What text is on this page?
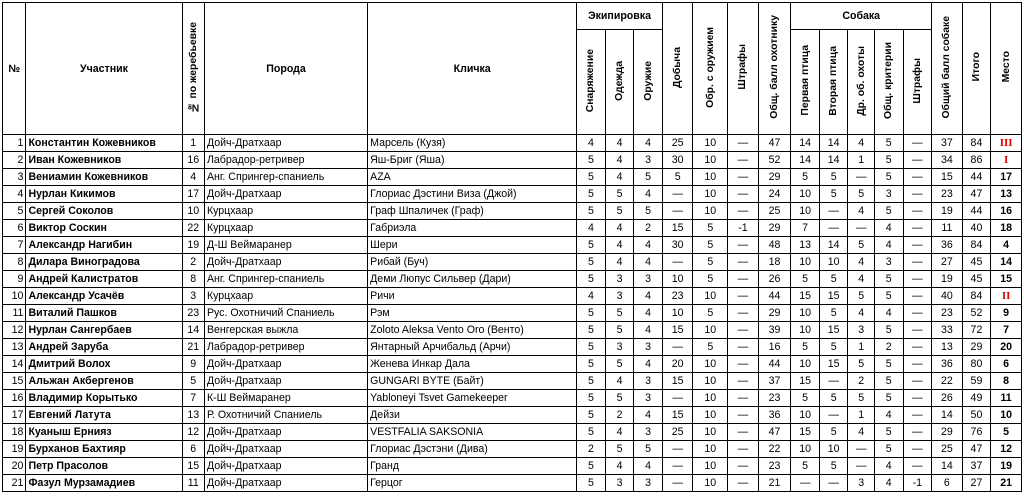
№	Участник	№ по жеребьевке	Порода	Кличка	Экипировка			Добыча	Обр. с оружием	Штрафы	Общ. балл охотнику	Собака					Общий балл собаке	Итого	Место
					Снаряжение	Одежда	Оружие					Первая птица	Вторая птица	Др. об. охоты	Общ. критерии	Штрафы			
1	Константин Кожевников	1	Дойч-Дратхаар	Марсель (Кузя)	4	4	4	25	10	—	47	14	14	4	5	—	37	84	III
2	Иван Кожевников	16	Лабрадор-ретривер	Яш-Бриг (Яша)	5	4	3	30	10	—	52	14	14	1	5	—	34	86	I
3	Вениамин Кожевников	4	Анг. Спрингер-спаниель	AZA	5	4	5	5	10	—	29	5	5	—	5	—	15	44	17
4	Нурлан Кикимов	17	Дойч-Дратхаар	Глориас Дэстини Виза (Джой)	5	5	4	—	10	—	24	10	5	5	3	—	23	47	13
5	Сергей Соколов	10	Курцхаар	Граф Шпаличек (Граф)	5	5	5	—	10	—	25	10	—	4	5	—	19	44	16
6	Виктор Соскин	22	Курцхаар	Габриэла	4	4	2	15	5	-1	29	7	—	—	4	—	11	40	18
7	Александр Нагибин	19	Д-Ш Веймаранер	Шери	5	4	4	30	5	—	48	13	14	5	4	—	36	84	4
8	Дилара Виноградова	2	Дойч-Дратхаар	Рибай (Буч)	5	4	4	—	5	—	18	10	10	4	3	—	27	45	14
9	Андрей Калистратов	8	Анг. Спрингер-спаниель	Деми Люпус Сильвер (Дари)	5	3	3	10	5	—	26	5	5	4	5	—	19	45	15
10	Александр Усачёв	3	Курцхаар	Ричи	4	3	4	23	10	—	44	15	15	5	5	—	40	84	II
11	Виталий Пашков	23	Рус. Охотничий Спаниель	Рэм	5	5	4	10	5	—	29	10	5	4	4	—	23	52	9
12	Нурлан Сангербаев	14	Венгерская выжла	Zoloto Aleksa Vento Oro (Венто)	5	5	4	15	10	—	39	10	15	3	5	—	33	72	7
13	Андрей Заруба	21	Лабрадор-ретривер	Янтарный Арчибальд (Арчи)	5	3	3	—	5	—	16	5	5	1	2	—	13	29	20
14	Дмитрий Волох	9	Дойч-Дратхаар	Женева Инкар Дала	5	5	4	20	10	—	44	10	15	5	5	—	36	80	6
15	Альжан Акбергенов	5	Дойч-Дратхаар	GUNGARI BYTE (Байт)	5	4	3	15	10	—	37	15	—	2	5	—	22	59	8
16	Владимир Корытько	7	К-Ш Веймаранер	Yabloneyi Tsvet Gamekeeper	5	5	3	—	10	—	23	5	5	5	5	—	26	49	11
17	Евгений Латута	13	Р. Охотничий Спаниель	Дейзи	5	2	4	15	10	—	36	10	—	1	4	—	14	50	10
18	Куаныш Ернияз	12	Дойч-Дратхаар	VESTFALIA SAKSONIA	5	4	3	25	10	—	47	15	5	4	5	—	29	76	5
19	Бурханов Бахтияр	6	Дойч-Дратхаар	Глориас Дэстэни (Дива)	2	5	5	—	10	—	22	10	10	—	5	—	25	47	12
20	Петр Прасолов	15	Дойч-Дратхаар	Гранд	5	4	4	—	10	—	23	5	5	—	4	—	14	37	19
21	Фазул Мурзамадиев	11	Дойч-Дратхаар	Герцог	5	3	3	—	10	—	21	—	—	3	4	-1	6	27	21
